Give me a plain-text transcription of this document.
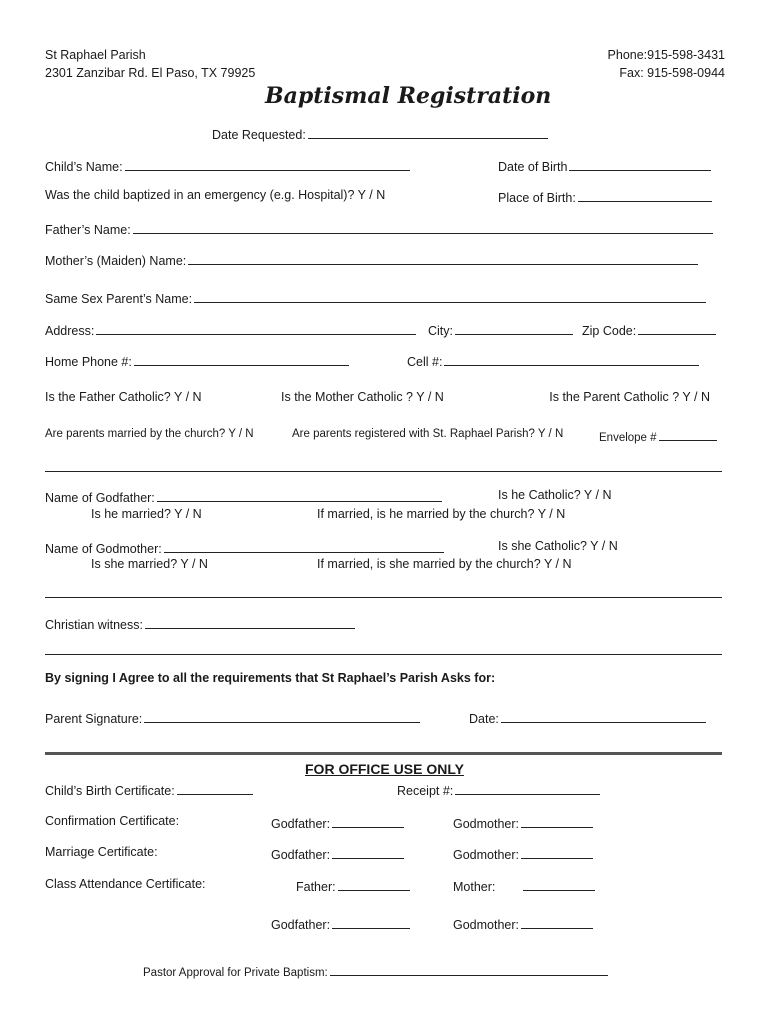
St Raphael Parish
2301 Zanzibar Rd. El Paso, TX 79925
Phone:915-598-3431
Fax: 915-598-0944
Baptismal Registration
Date Requested:
Child’s Name:	Date of Birth
Was the child baptized in an emergency (e.g. Hospital)? Y / N	Place of Birth:
Father’s Name:
Mother’s (Maiden) Name:
Same Sex Parent’s Name:
Address:	City:	Zip Code:
Home Phone #:	Cell #:
Is the Father Catholic? Y / N	Is the Mother Catholic ? Y / N	Is the Parent Catholic ? Y / N
Are parents married by the church? Y / N	Are parents registered with St. Raphael Parish? Y / N	Envelope #
Name of Godfather:	Is he Catholic? Y / N
Is he married? Y / N	If married, is he married by the church? Y / N
Name of Godmother:	Is she Catholic? Y / N
Is she married? Y / N	If married, is she married by the church? Y / N
Christian witness:
By signing I Agree to all the requirements that St Raphael’s Parish Asks for:
Parent Signature:	Date:
FOR OFFICE USE ONLY
Child’s Birth Certificate:	Receipt #:
Confirmation Certificate:	Godfather:	Godmother:
Marriage Certificate:	Godfather:	Godmother:
Class Attendance Certificate:	Father:	Mother:
Godfather:	Godmother:
Pastor Approval for Private Baptism:
